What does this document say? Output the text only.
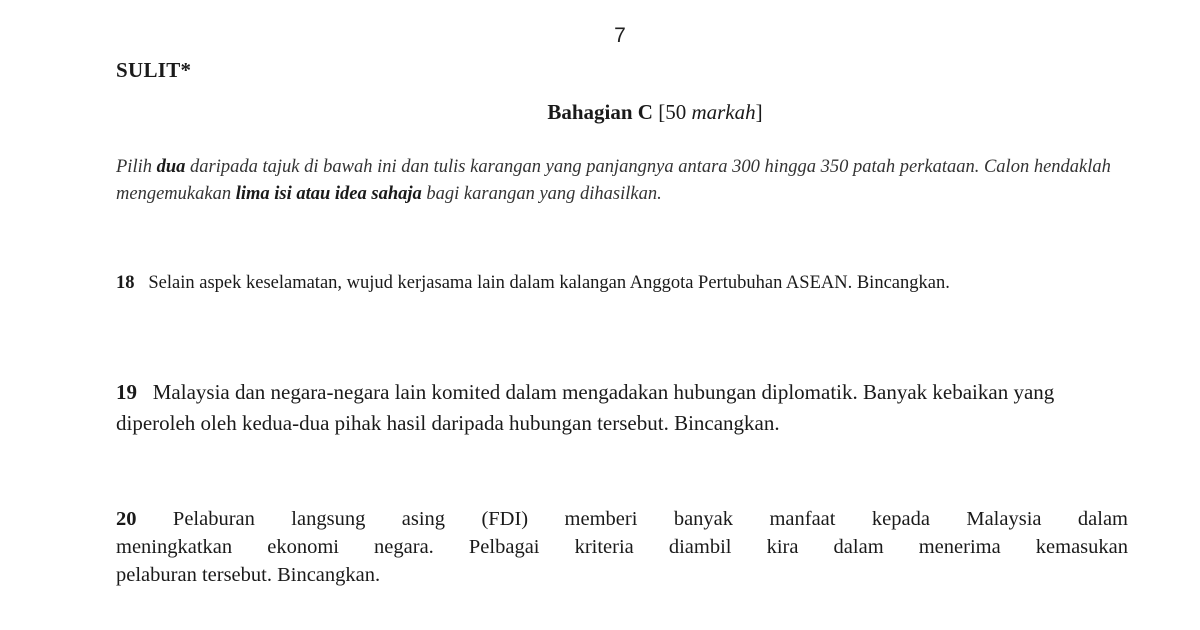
7
SULIT*
Bahagian C [50 markah]
Pilih dua daripada tajuk di bawah ini dan tulis karangan yang panjangnya antara 300 hingga 350 patah perkataan. Calon hendaklah mengemukakan lima isi atau idea sahaja bagi karangan yang dihasilkan.
18 Selain aspek keselamatan, wujud kerjasama lain dalam kalangan Anggota Pertubuhan ASEAN. Bincangkan.
19 Malaysia dan negara-negara lain komited dalam mengadakan hubungan diplomatik. Banyak kebaikan yang diperoleh oleh kedua-dua pihak hasil daripada hubungan tersebut. Bincangkan.
20 Pelaburan langsung asing (FDI) memberi banyak manfaat kepada Malaysia dalam
meningkatkan ekonomi negara. Pelbagai kriteria diambil kira dalam menerima kemasukan
pelaburan tersebut. Bincangkan.
